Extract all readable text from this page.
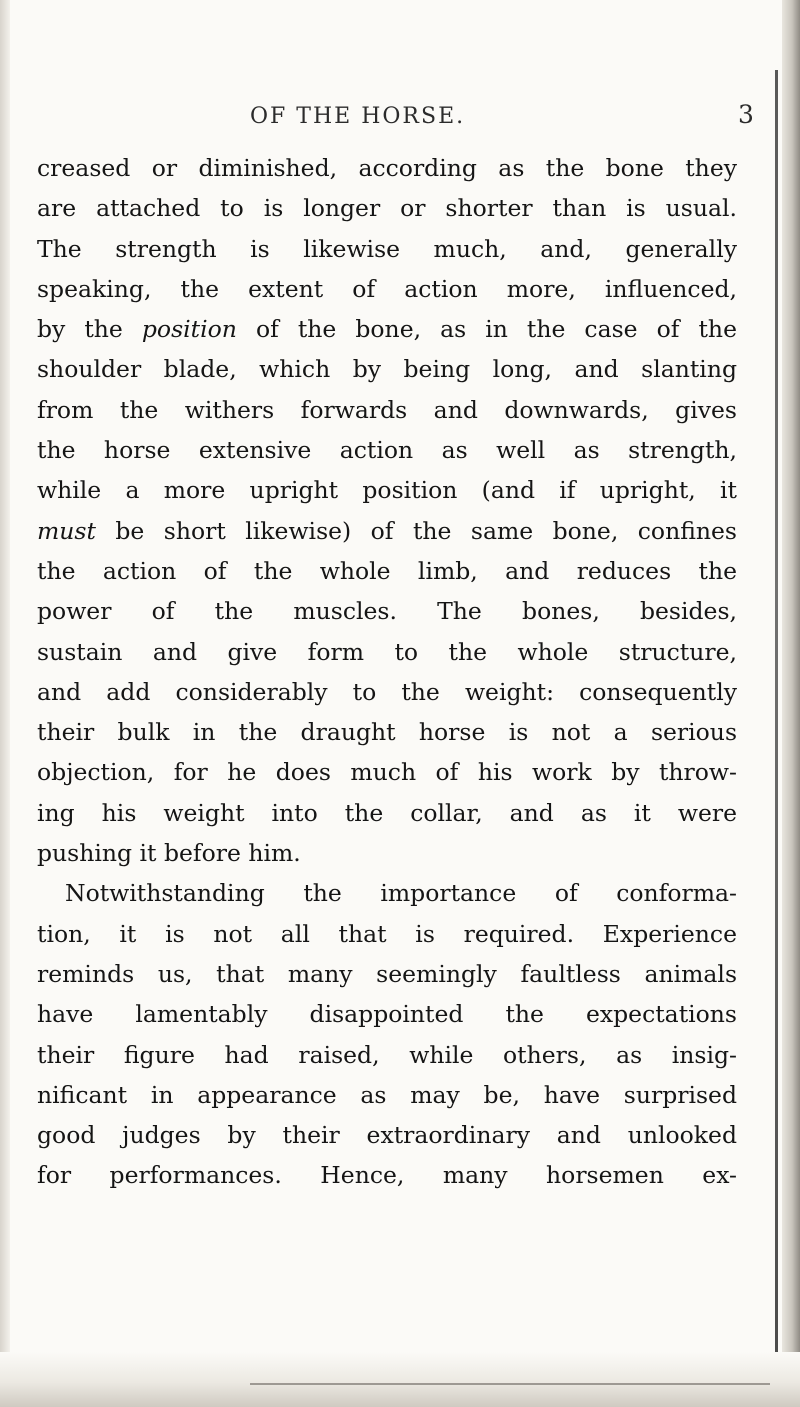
OF THE HORSE.	3
creased or diminished, according as the bone they
are attached to is longer or shorter than is usual.
The strength is likewise much, and, generally
speaking, the extent of action more, influenced,
by the position of the bone, as in the case of the
shoulder blade, which by being long, and slanting
from the withers forwards and downwards, gives
the horse extensive action as well as strength,
while a more upright position (and if upright, it
must be short likewise) of the same bone, confines
the action of the whole limb, and reduces the
power of the muscles. The bones, besides,
sustain and give form to the whole structure,
and add considerably to the weight: consequently
their bulk in the draught horse is not a serious
objection, for he does much of his work by throw-
ing his weight into the collar, and as it were
pushing it before him.
Notwithstanding the importance of conforma-
tion, it is not all that is required. Experience
reminds us, that many seemingly faultless animals
have lamentably disappointed the expectations
their figure had raised, while others, as insig-
nificant in appearance as may be, have surprised
good judges by their extraordinary and unlooked
for performances. Hence, many horsemen ex-
